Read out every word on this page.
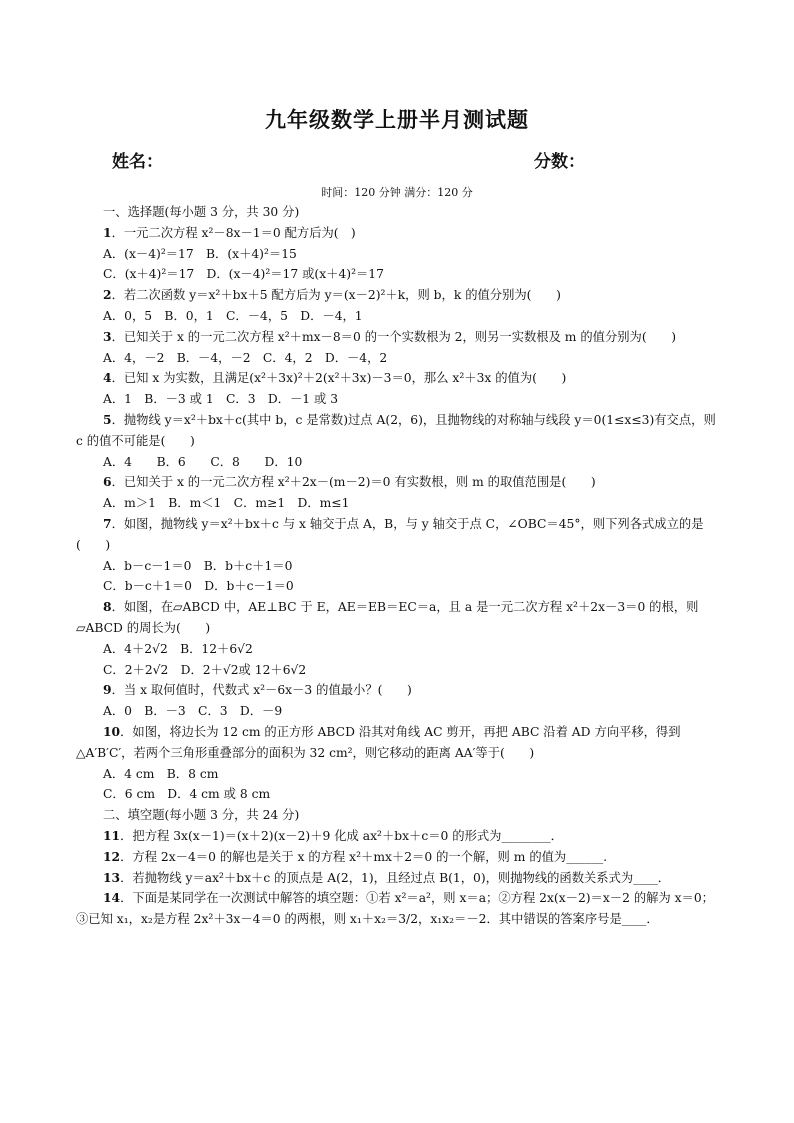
九年级数学上册半月测试题
姓名：	分数：
时间：120 分钟 满分：120 分
一、选择题(每小题 3 分，共 30 分)
1．一元二次方程 x²－8x－1＝0 配方后为(　)
A．(x－4)²＝17　B．(x＋4)²＝15
C．(x＋4)²＝17　D．(x－4)²＝17 或(x＋4)²＝17
2．若二次函数 y＝x²＋bx＋5 配方后为 y＝(x－2)²＋k，则 b，k 的值分别为(　　)
A．0，5　B．0，1　C．－4，5　D．－4，1
3．已知关于 x 的一元二次方程 x²＋mx－8＝0 的一个实数根为 2，则另一实数根及 m 的值分别为(　　)
A．4，－2　B．－4，－2　C．4，2　D．－4，2
4．已知 x 为实数，且满足(x²＋3x)²＋2(x²＋3x)－3＝0，那么 x²＋3x 的值为(　　)
A．1　B．－3 或 1　C．3　D．－1 或 3
5．抛物线 y＝x²＋bx＋c(其中 b，c 是常数)过点 A(2，6)，且抛物线的对称轴与线段 y＝0(1≤x≤3)有交点，则 c 的值不可能是(　　)
A．4　　B．6　　C．8　　D．10
6．已知关于 x 的一元二次方程 x²＋2x－(m－2)＝0 有实数根，则 m 的取值范围是(　　)
A．m＞1　B．m＜1　C．m≥1　D．m≤1
7．如图，抛物线 y＝x²＋bx＋c 与 x 轴交于点 A，B，与 y 轴交于点 C，∠OBC＝45°，则下列各式成立的是(　　)
A．b－c－1＝0　B．b＋c＋1＝0
C．b－c＋1＝0　D．b＋c－1＝0
8．如图，在▱ABCD 中，AE⊥BC 于 E，AE＝EB＝EC＝a，且 a 是一元二次方程 x²＋2x－3＝0 的根，则▱ABCD 的周长为(　　)
A．4＋2√2　B．12＋6√2
C．2＋2√2　D．2＋√2或 12＋6√2
9．当 x 取何值时，代数式 x²－6x－3 的值最小？(　　)
A．0　B．－3　C．3　D．－9
10．如图，将边长为 12 cm 的正方形 ABCD 沿其对角线 AC 剪开，再把 ABC 沿着 AD 方向平移，得到△A′B′C′，若两个三角形重叠部分的面积为 32 cm²，则它移动的距离 AA′等于(　　)
A．4 cm　B．8 cm
C．6 cm　D．4 cm 或 8 cm
二、填空题(每小题 3 分，共 24 分)
11．把方程 3x(x－1)＝(x＋2)(x－2)＋9 化成 ax²＋bx＋c＝0 的形式为________．
12．方程 2x－4＝0 的解也是关于 x 的方程 x²＋mx＋2＝0 的一个解，则 m 的值为______.
13．若抛物线 y＝ax²＋bx＋c 的顶点是 A(2，1)，且经过点 B(1，0)，则抛物线的函数关系式为____．
14．下面是某同学在一次测试中解答的填空题：①若 x²＝a²，则 x＝a；②方程 2x(x－2)＝x－2 的解为 x＝0；③已知 x₁，x₂是方程 2x²＋3x－4＝0 的两根，则 x₁＋x₂＝3/2，x₁x₂＝－2．其中错误的答案序号是____．
